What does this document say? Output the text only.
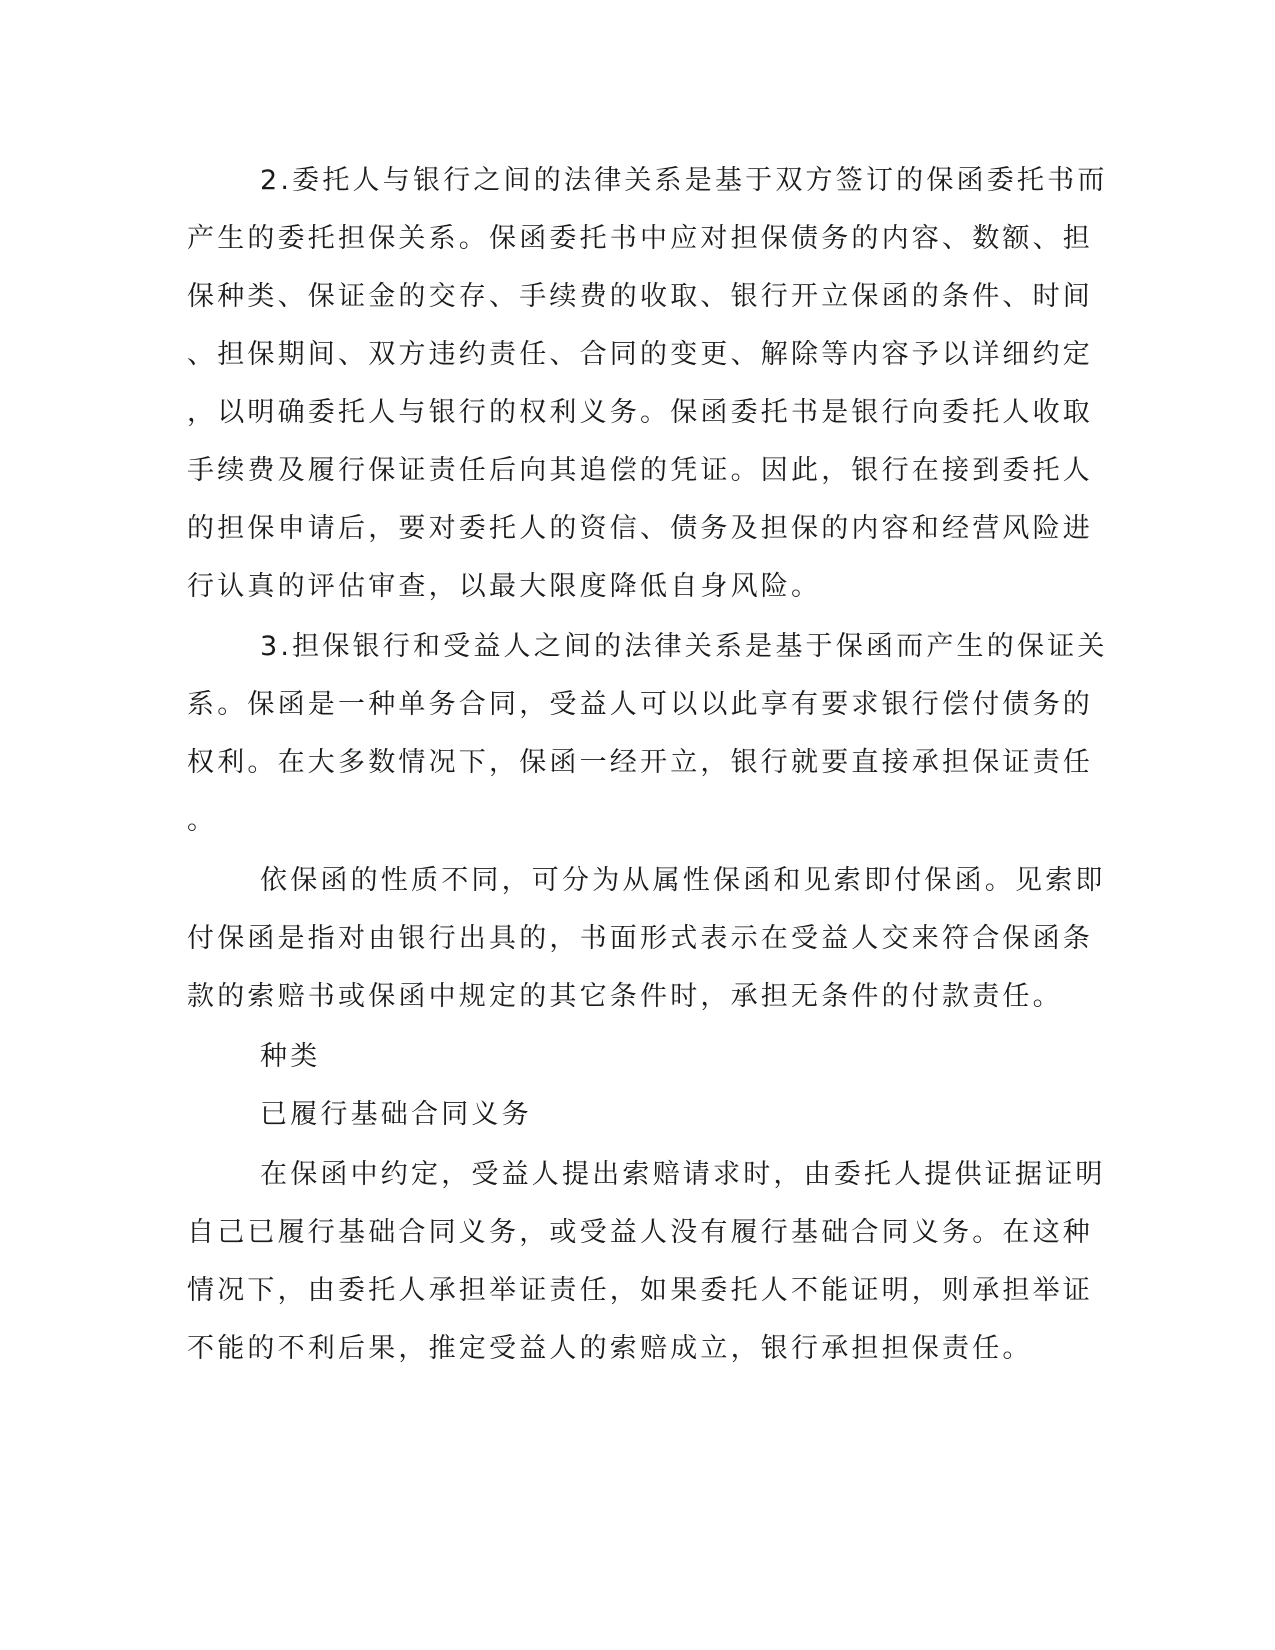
2.委托人与银行之间的法律关系是基于双方签订的保函委托书而
产生的委托担保关系。保函委托书中应对担保债务的内容、数额、担
保种类、保证金的交存、手续费的收取、银行开立保函的条件、时间
、担保期间、双方违约责任、合同的变更、解除等内容予以详细约定
，以明确委托人与银行的权利义务。保函委托书是银行向委托人收取
手续费及履行保证责任后向其追偿的凭证。因此，银行在接到委托人
的担保申请后，要对委托人的资信、债务及担保的内容和经营风险进
行认真的评估审查，以最大限度降低自身风险。
3.担保银行和受益人之间的法律关系是基于保函而产生的保证关
系。保函是一种单务合同，受益人可以以此享有要求银行偿付债务的
权利。在大多数情况下，保函一经开立，银行就要直接承担保证责任
。
依保函的性质不同，可分为从属性保函和见索即付保函。见索即
付保函是指对由银行出具的，书面形式表示在受益人交来符合保函条
款的索赔书或保函中规定的其它条件时，承担无条件的付款责任。
种类
已履行基础合同义务
在保函中约定，受益人提出索赔请求时，由委托人提供证据证明
自己已履行基础合同义务，或受益人没有履行基础合同义务。在这种
情况下，由委托人承担举证责任，如果委托人不能证明，则承担举证
不能的不利后果，推定受益人的索赔成立，银行承担担保责任。
